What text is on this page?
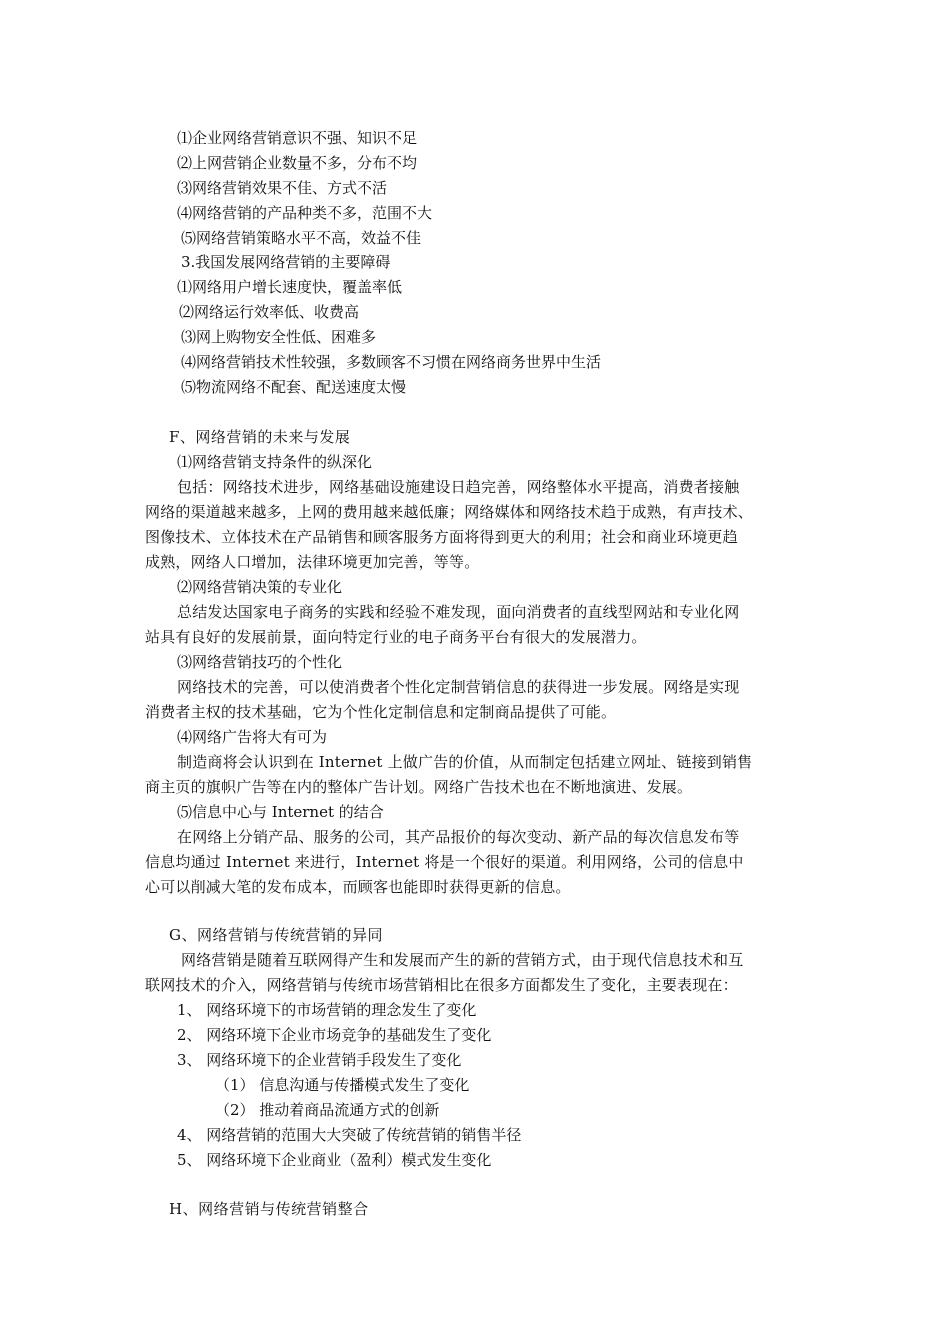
⑴企业网络营销意识不强、知识不足
⑵上网营销企业数量不多，分布不均
⑶网络营销效果不佳、方式不活
⑷网络营销的产品种类不多，范围不大
⑸网络营销策略水平不高，效益不佳
3.我国发展网络营销的主要障碍
⑴网络用户增长速度快，覆盖率低
⑵网络运行效率低、收费高
⑶网上购物安全性低、困难多
⑷网络营销技术性较强，多数顾客不习惯在网络商务世界中生活
⑸物流网络不配套、配送速度太慢
F、网络营销的未来与发展
⑴网络营销支持条件的纵深化
包括：网络技术进步，网络基础设施建设日趋完善，网络整体水平提高，消费者接触
网络的渠道越来越多，上网的费用越来越低廉；网络媒体和网络技术趋于成熟，有声技术、
图像技术、立体技术在产品销售和顾客服务方面将得到更大的利用；社会和商业环境更趋
成熟，网络人口增加，法律环境更加完善，等等。
⑵网络营销决策的专业化
总结发达国家电子商务的实践和经验不难发现，面向消费者的直线型网站和专业化网
站具有良好的发展前景，面向特定行业的电子商务平台有很大的发展潜力。
⑶网络营销技巧的个性化
网络技术的完善，可以使消费者个性化定制营销信息的获得进一步发展。网络是实现
消费者主权的技术基础，它为个性化定制信息和定制商品提供了可能。
⑷网络广告将大有可为
制造商将会认识到在 Internet 上做广告的价值，从而制定包括建立网址、链接到销售
商主页的旗帜广告等在内的整体广告计划。网络广告技术也在不断地演进、发展。
⑸信息中心与 Internet 的结合
在网络上分销产品、服务的公司，其产品报价的每次变动、新产品的每次信息发布等
信息均通过 Internet 来进行，Internet 将是一个很好的渠道。利用网络，公司的信息中
心可以削减大笔的发布成本，而顾客也能即时获得更新的信息。
G、网络营销与传统营销的异同
网络营销是随着互联网得产生和发展而产生的新的营销方式，由于现代信息技术和互
联网技术的介入，网络营销与传统市场营销相比在很多方面都发生了变化，主要表现在：
1、 网络环境下的市场营销的理念发生了变化
2、 网络环境下企业市场竞争的基础发生了变化
3、 网络环境下的企业营销手段发生了变化
（1） 信息沟通与传播模式发生了变化
（2） 推动着商品流通方式的创新
4、 网络营销的范围大大突破了传统营销的销售半径
5、 网络环境下企业商业（盈利）模式发生变化
H、网络营销与传统营销整合
